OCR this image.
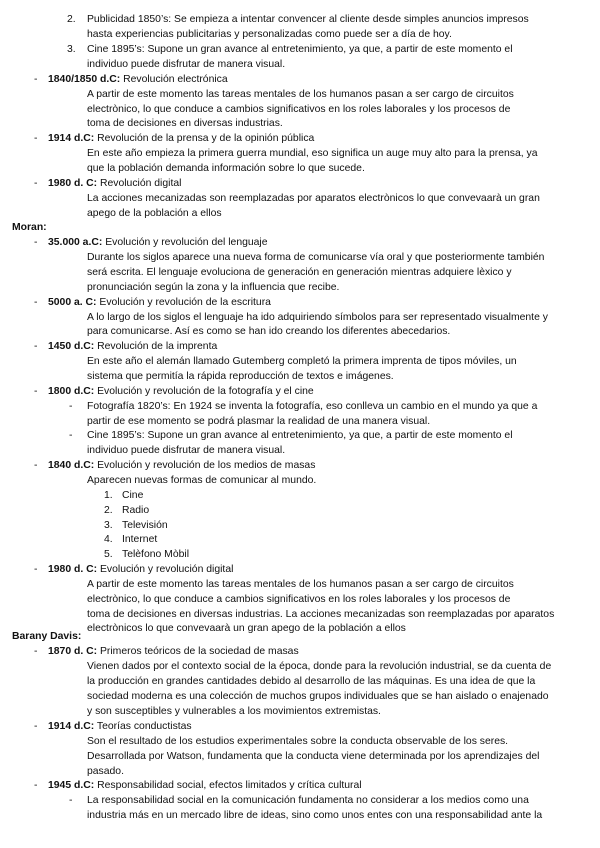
2. Publicidad 1850’s: Se empieza a intentar convencer al cliente desde simples anuncios impresos
hasta experiencias publicitarias y personalizadas como puede ser a día de hoy.
3. Cine 1895’s: Supone un gran avance al entretenimiento, ya que, a partir de este momento el
individuo puede disfrutar de manera visual.
- 1840/1850 d.C: Revolución electrónica
A partir de este momento las tareas mentales de los humanos pasan a ser cargo de circuitos
electrònico, lo que conduce a cambios significativos en los roles laborales y los procesos de
toma de decisiones en diversas industrias.
- 1914 d.C: Revolución de la prensa y de la opinión pública
En este año empieza la primera guerra mundial, eso significa un auge muy alto para la prensa, ya
que la población demanda información sobre lo que sucede.
- 1980 d. C: Revolución digital
La acciones mecanizadas son reemplazadas por aparatos electrònicos lo que convevaarà un gran
apego de la población a ellos
Moran:
- 35.000 a.C: Evolución y revolución del lenguaje
Durante los siglos aparece una nueva forma de comunicarse vía oral y que posteriormente también
será escrita. El lenguaje evoluciona de generación en generación mientras adquiere lèxico y
pronunciación según la zona y la influencia que recibe.
- 5000 a. C: Evolución y revolución de la escritura
A lo largo de los siglos el lenguaje ha ido adquiriendo símbolos para ser representado visualmente y
para comunicarse. Así es como se han ido creando los diferentes abecedarios.
- 1450 d.C: Revolución de la imprenta
En este año el alemán llamado Gutemberg completó la primera imprenta de tipos móviles, un
sistema que permitía la rápida reproducción de textos e imágenes.
- 1800 d.C: Evolución y revolución de la fotografía y el cine
- Fotografía 1820’s: En 1924 se inventa la fotografía, eso conlleva un cambio en el mundo ya que a
partir de ese momento se podrá plasmar la realidad de una manera visual.
- Cine 1895’s: Supone un gran avance al entretenimiento, ya que, a partir de este momento el
individuo puede disfrutar de manera visual.
- 1840 d.C: Evolución y revolución de los medios de masas
Aparecen nuevas formas de comunicar al mundo.
1. Cine
2. Radio
3. Televisión
4. Internet
5. Telèfono Mòbil
- 1980 d. C: Evolución y revolución digital
A partir de este momento las tareas mentales de los humanos pasan a ser cargo de circuitos
electrònico, lo que conduce a cambios significativos en los roles laborales y los procesos de
toma de decisiones en diversas industrias. La acciones mecanizadas son reemplazadas por aparatos
electrònicos lo que convevaarà un gran apego de la población a ellos
Barany Davis:
- 1870 d. C: Primeros teóricos de la sociedad de masas
Vienen dados por el contexto social de la época, donde para la revolución industrial, se da cuenta de
la producción en grandes cantidades debido al desarrollo de las máquinas. Es una idea de que la
sociedad moderna es una colección de muchos grupos individuales que se han aislado o enajenado
y son susceptibles y vulnerables a los movimientos extremistas.
- 1914 d.C: Teorías conductistas
Son el resultado de los estudios experimentales sobre la conducta observable de los seres.
Desarrollada por Watson, fundamenta que la conducta viene determinada por los aprendizajes del
pasado.
- 1945 d.C: Responsabilidad social, efectos limitados y crítica cultural
- La responsabilidad social en la comunicación fundamenta no considerar a los medios como una
industria más en un mercado libre de ideas, sino como unos entes con una responsabilidad ante la
